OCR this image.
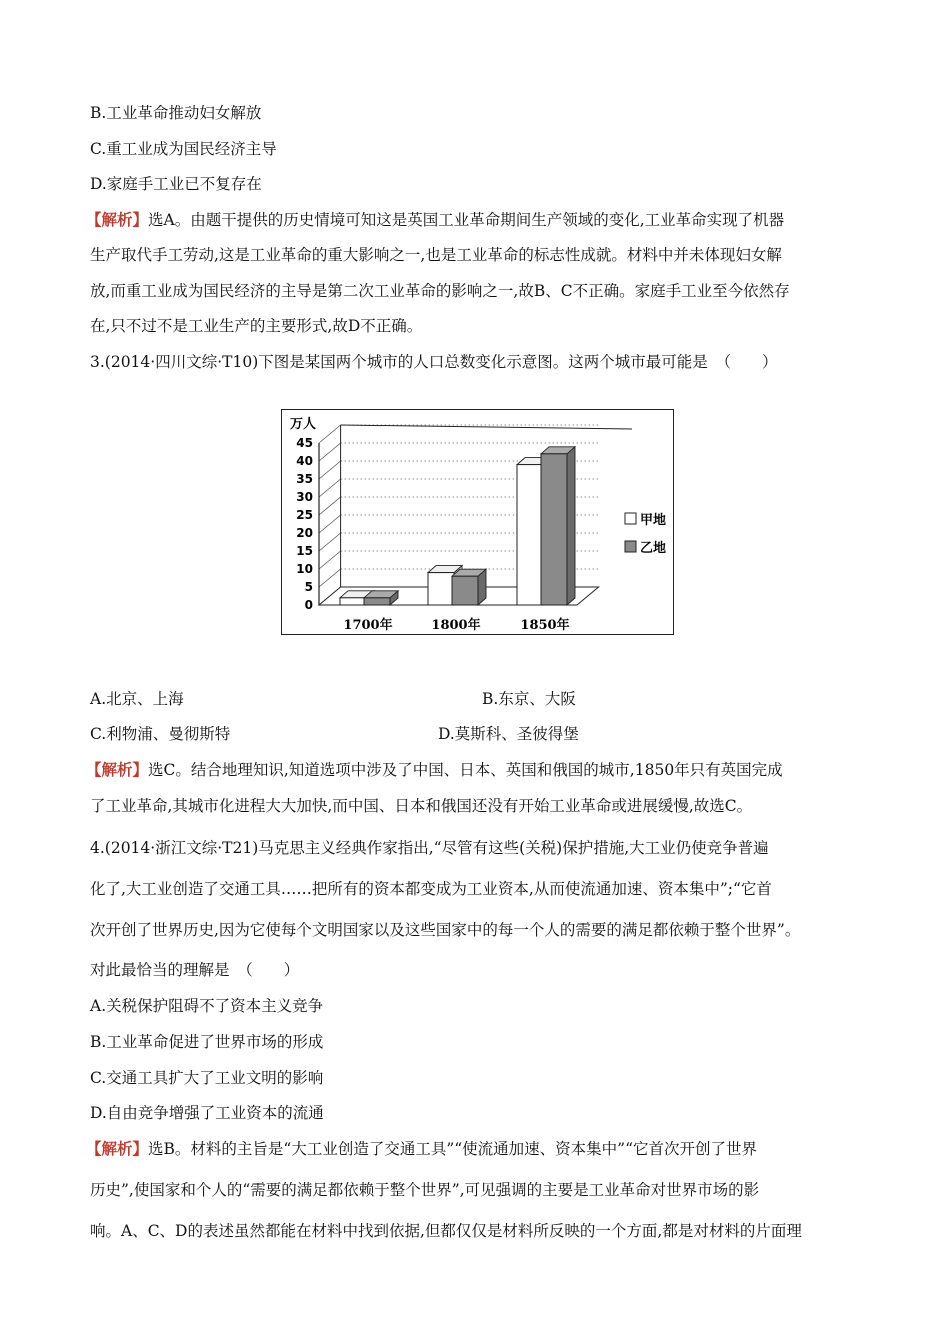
B.工业革命推动妇女解放
C.重工业成为国民经济主导
D.家庭手工业已不复存在
【解析】选A。由题干提供的历史情境可知这是英国工业革命期间生产领域的变化,工业革命实现了机器
生产取代手工劳动,这是工业革命的重大影响之一,也是工业革命的标志性成就。材料中并未体现妇女解
放,而重工业成为国民经济的主导是第二次工业革命的影响之一,故B、C不正确。家庭手工业至今依然存
在,只不过不是工业生产的主要形式,故D不正确。
3.(2014·四川文综·T10)下图是某国两个城市的人口总数变化示意图。这两个城市最可能是　（　　）
45
40
35
30
25
20
15
10
5
0
万人
1700年	1800年	1850年
甲地
乙地
A.北京、上海	B.东京、大阪
C.利物浦、曼彻斯特	D.莫斯科、圣彼得堡
【解析】选C。结合地理知识,知道选项中涉及了中国、日本、英国和俄国的城市,1850年只有英国完成
了工业革命,其城市化进程大大加快,而中国、日本和俄国还没有开始工业革命或进展缓慢,故选C。
4.(2014·浙江文综·T21)马克思主义经典作家指出,“尽管有这些(关税)保护措施,大工业仍使竞争普遍
化了,大工业创造了交通工具……把所有的资本都变成为工业资本,从而使流通加速、资本集中”;“它首
次开创了世界历史,因为它使每个文明国家以及这些国家中的每一个人的需要的满足都依赖于整个世界”。
对此最恰当的理解是　（　　）
A.关税保护阻碍不了资本主义竞争
B.工业革命促进了世界市场的形成
C.交通工具扩大了工业文明的影响
D.自由竞争增强了工业资本的流通
【解析】选B。材料的主旨是“大工业创造了交通工具”“使流通加速、资本集中”“它首次开创了世界
历史”,使国家和个人的“需要的满足都依赖于整个世界”,可见强调的主要是工业革命对世界市场的影
响。A、C、D的表述虽然都能在材料中找到依据,但都仅仅是材料所反映的一个方面,都是对材料的片面理
